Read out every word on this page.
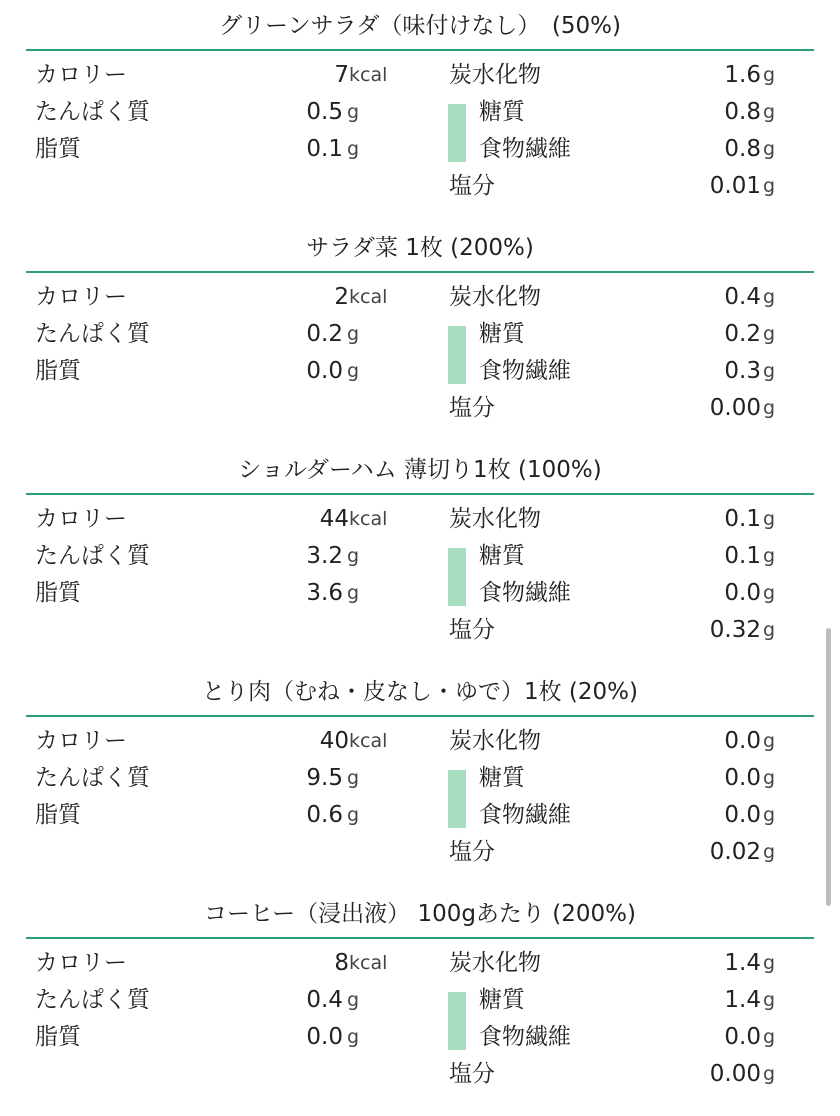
グリーンサラダ（味付けなし）　(50%)
カロリー	7 kcal
たんぱく質	0.5 g
脂質	0.1 g
炭水化物	1.6 g
糖質	0.8 g
食物繊維	0.8 g
塩分	0.01 g
サラダ菜 1枚 (200%)
カロリー	2 kcal
たんぱく質	0.2 g
脂質	0.0 g
炭水化物	0.4 g
糖質	0.2 g
食物繊維	0.3 g
塩分	0.00 g
ショルダーハム 薄切り1枚 (100%)
カロリー	44 kcal
たんぱく質	3.2 g
脂質	3.6 g
炭水化物	0.1 g
糖質	0.1 g
食物繊維	0.0 g
塩分	0.32 g
とり肉（むね・皮なし・ゆで）1枚 (20%)
カロリー	40 kcal
たんぱく質	9.5 g
脂質	0.6 g
炭水化物	0.0 g
糖質	0.0 g
食物繊維	0.0 g
塩分	0.02 g
コーヒー（浸出液） 100gあたり (200%)
カロリー	8 kcal
たんぱく質	0.4 g
脂質	0.0 g
炭水化物	1.4 g
糖質	1.4 g
食物繊維	0.0 g
塩分	0.00 g
